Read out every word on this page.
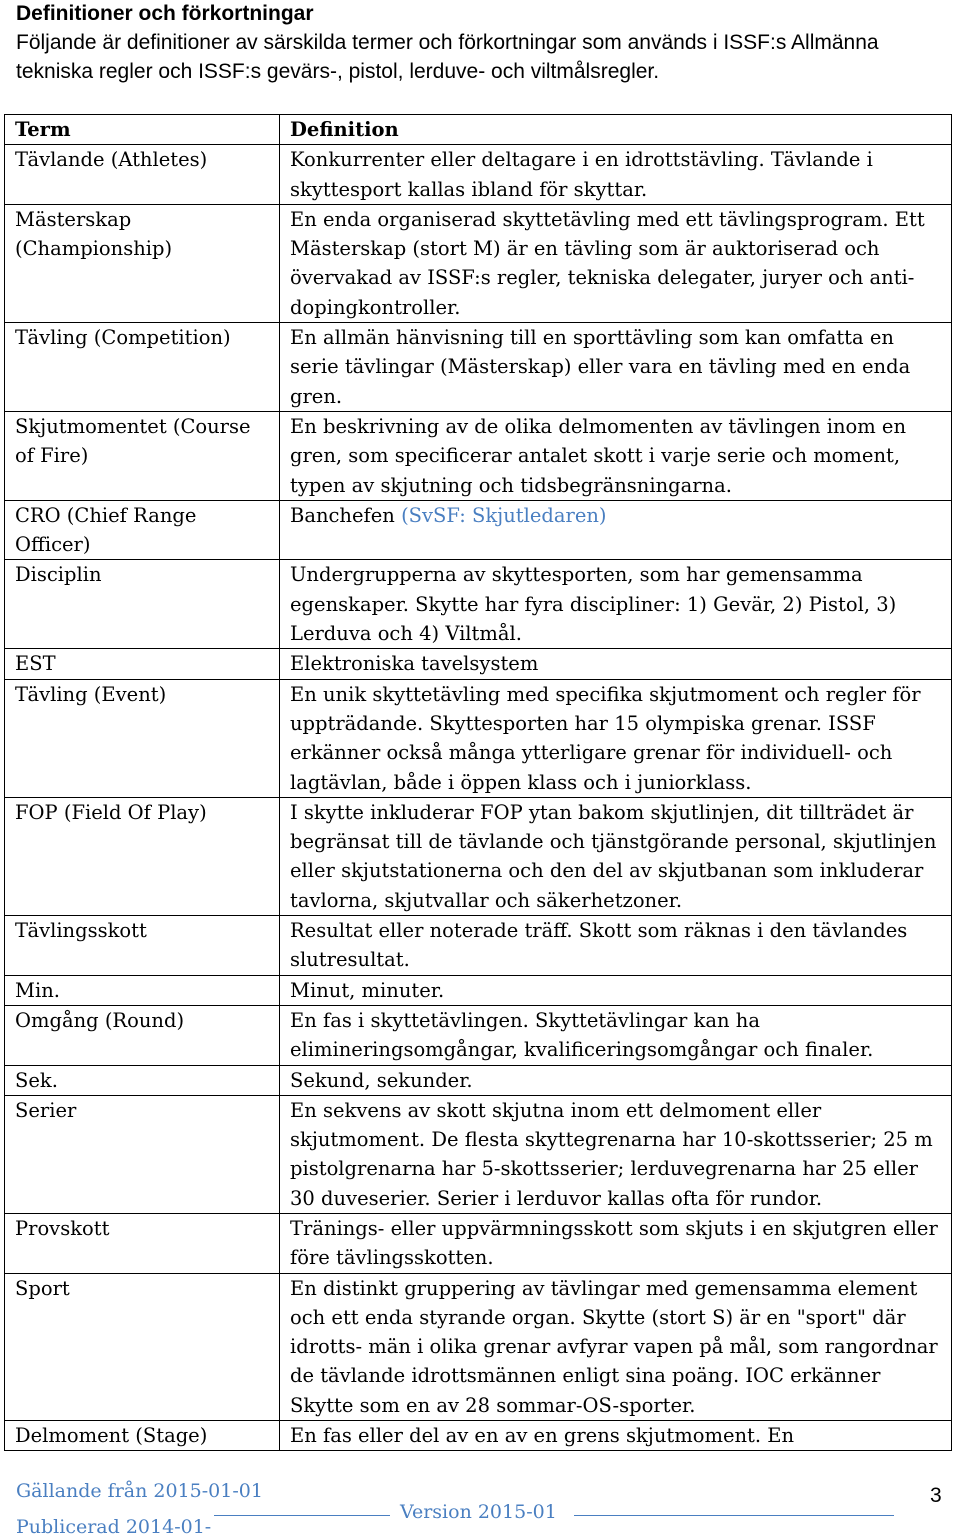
Definitioner och förkortningar
Följande är definitioner av särskilda termer och förkortningar som används i ISSF:s Allmänna tekniska regler och ISSF:s gevärs-, pistol, lerduve- och viltmålsregler.
Term	Definition
Tävlande (Athletes)	Konkurrenter eller deltagare i en idrottstävling. Tävlande i skyttesport kallas ibland för skyttar.
Mästerskap (Championship)	En enda organiserad skyttetävling med ett tävlingsprogram. Ett Mästerskap (stort M) är en tävling som är auktoriserad och övervakad av ISSF:s regler, tekniska delegater, juryer och anti-dopingkontroller.
Tävling (Competition)	En allmän hänvisning till en sporttävling som kan omfatta en serie tävlingar (Mästerskap) eller vara en tävling med en enda gren.
Skjutmomentet (Course of Fire)	En beskrivning av de olika delmomenten av tävlingen inom en gren, som specificerar antalet skott i varje serie och moment, typen av skjutning och tidsbegränsningarna.
CRO (Chief Range Officer)	Banchefen (SvSF: Skjutledaren)
Disciplin	Undergrupperna av skyttesporten, som har gemensamma egenskaper. Skytte har fyra discipliner: 1) Gevär, 2) Pistol, 3) Lerduva och 4) Viltmål.
EST	Elektroniska tavelsystem
Tävling (Event)	En unik skyttetävling med specifika skjutmoment och regler för uppträdande. Skyttesporten har 15 olympiska grenar. ISSF erkänner också många ytterligare grenar för individuell- och lagtävlan, både i öppen klass och i juniorklass.
FOP (Field Of Play)	I skytte inkluderar FOP ytan bakom skjutlinjen, dit tillträdet är begränsat till de tävlande och tjänstgörande personal, skjutlinjen eller skjutstationerna och den del av skjutbanan som inkluderar tavlorna, skjutvallar och säkerhetzoner.
Tävlingsskott	Resultat eller noterade träff. Skott som räknas i den tävlandes slutresultat.
Min.	Minut, minuter.
Omgång (Round)	En fas i skyttetävlingen. Skyttetävlingar kan ha elimineringsomgångar, kvalificeringsomgångar och finaler.
Sek.	Sekund, sekunder.
Serier	En sekvens av skott skjutna inom ett delmoment eller skjutmoment. De flesta skyttegrenarna har 10-skottsserier; 25 m pistolgrenarna har 5-skottsserier; lerduvegrenarna har 25 eller 30 duveserier. Serier i lerduvor kallas ofta för rundor.
Provskott	Tränings- eller uppvärmningsskott som skjuts i en skjutgren eller före tävlingsskotten.
Sport	En distinkt gruppering av tävlingar med gemensamma element och ett enda styrande organ. Skytte (stort S) är en "sport" där idrotts- män i olika grenar avfyrar vapen på mål, som rangordnar de tävlande idrottsmännen enligt sina poäng. IOC erkänner Skytte som en av 28 sommar-OS-sporter.
Delmoment (Stage)	En fas eller del av en av en grens skjutmoment. En
Gällande från 2015-01-01
Version 2015-01
Publicerad 2014-01-
3
